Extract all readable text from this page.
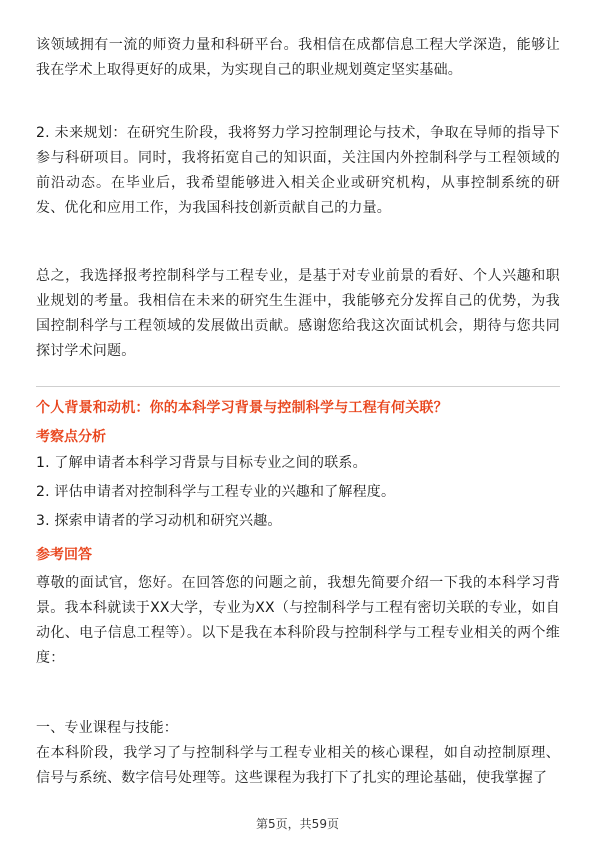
该领域拥有一流的师资力量和科研平台。我相信在成都信息工程大学深造，能够让我在学术上取得更好的成果，为实现自己的职业规划奠定坚实基础。

2. 未来规划：在研究生阶段，我将努力学习控制理论与技术，争取在导师的指导下参与科研项目。同时，我将拓宽自己的知识面，关注国内外控制科学与工程领域的前沿动态。在毕业后，我希望能够进入相关企业或研究机构，从事控制系统的研发、优化和应用工作，为我国科技创新贡献自己的力量。

总之，我选择报考控制科学与工程专业，是基于对专业前景的看好、个人兴趣和职业规划的考量。我相信在未来的研究生生涯中，我能够充分发挥自己的优势，为我国控制科学与工程领域的发展做出贡献。感谢您给我这次面试机会，期待与您共同探讨学术问题。

个人背景和动机：你的本科学习背景与控制科学与工程有何关联？
考察点分析
1. 了解申请者本科学习背景与目标专业之间的联系。
2. 评估申请者对控制科学与工程专业的兴趣和了解程度。
3. 探索申请者的学习动机和研究兴趣。
参考回答

尊敬的面试官，您好。在回答您的问题之前，我想先简要介绍一下我的本科学习背景。我本科就读于XX大学，专业为XX（与控制科学与工程有密切关联的专业，如自动化、电子信息工程等）。以下是我在本科阶段与控制科学与工程专业相关的两个维度：

一、专业课程与技能：

在本科阶段，我学习了与控制科学与工程专业相关的核心课程，如自动控制原理、信号与系统、数字信号处理等。这些课程为我打下了扎实的理论基础，使我掌握了

第5页，共59页
